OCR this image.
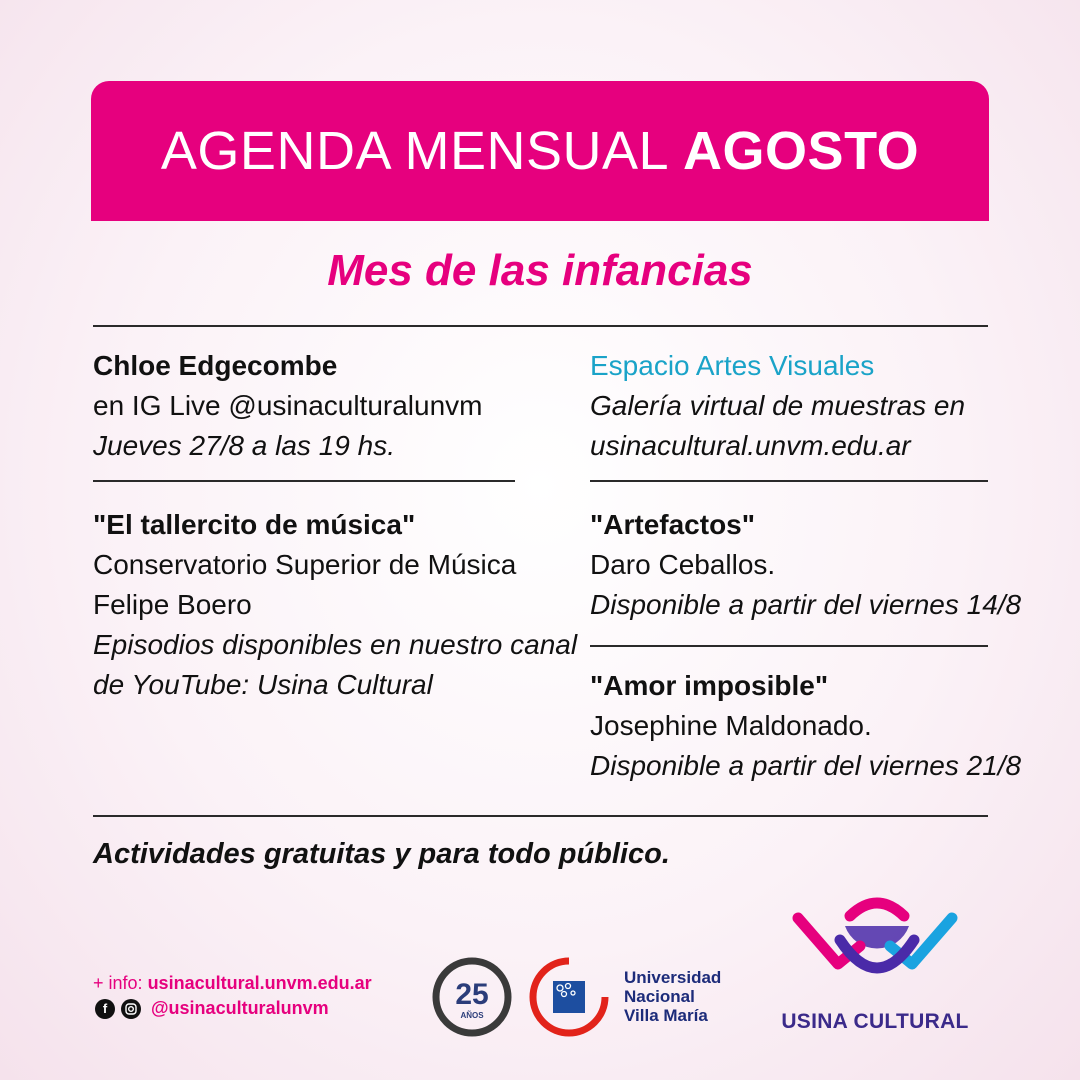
AGENDA MENSUAL AGOSTO
Mes de las infancias
Chloe Edgecombe
en IG Live @usinaculturalunvm
Jueves 27/8 a las 19 hs.
"El tallercito de música"
Conservatorio Superior de Música
Felipe Boero
Episodios disponibles en nuestro canal
de YouTube: Usina Cultural
Espacio Artes Visuales
Galería virtual de muestras en
usinacultural.unvm.edu.ar
"Artefactos"
Daro Ceballos.
Disponible a partir del viernes 14/8
"Amor imposible"
Josephine Maldonado.
Disponible a partir del viernes 21/8
Actividades gratuitas y para todo público.
+ info: usinacultural.unvm.edu.ar
f	@usinaculturalunvm	25
AÑOS
Universidad
Nacional
Villa María	USINA CULTURAL
